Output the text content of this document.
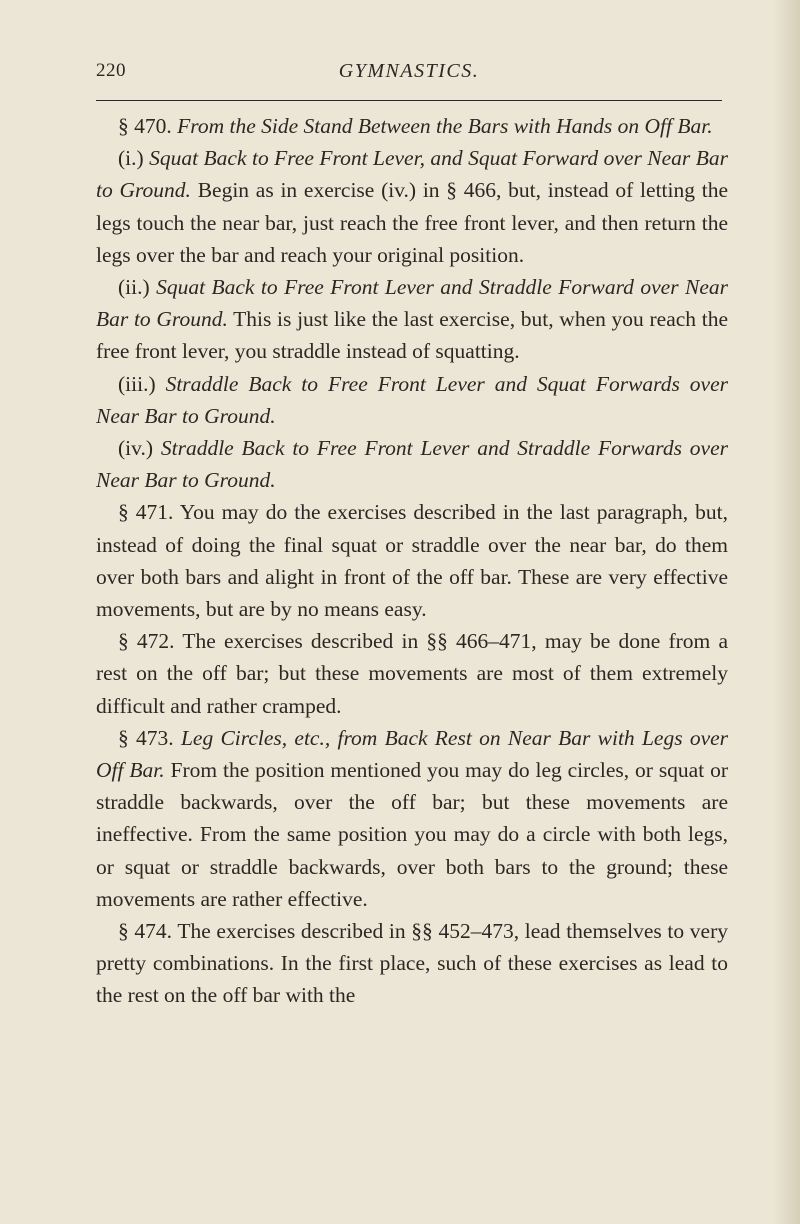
220	GYMNASTICS.

§ 470. From the Side Stand Between the Bars with Hands on Off Bar.

(i.) Squat Back to Free Front Lever, and Squat Forward over Near Bar to Ground. Begin as in exercise (iv.) in § 466, but, instead of letting the legs touch the near bar, just reach the free front lever, and then return the legs over the bar and reach your original position.

(ii.) Squat Back to Free Front Lever and Straddle Forward over Near Bar to Ground. This is just like the last exercise, but, when you reach the free front lever, you straddle instead of squatting.

(iii.) Straddle Back to Free Front Lever and Squat Forwards over Near Bar to Ground.

(iv.) Straddle Back to Free Front Lever and Straddle Forwards over Near Bar to Ground.

§ 471. You may do the exercises described in the last paragraph, but, instead of doing the final squat or straddle over the near bar, do them over both bars and alight in front of the off bar. These are very effective movements, but are by no means easy.

§ 472. The exercises described in §§ 466–471, may be done from a rest on the off bar; but these movements are most of them extremely difficult and rather cramped.

§ 473. Leg Circles, etc., from Back Rest on Near Bar with Legs over Off Bar. From the position mentioned you may do leg circles, or squat or straddle backwards, over the off bar; but these movements are ineffective. From the same position you may do a circle with both legs, or squat or straddle backwards, over both bars to the ground; these movements are rather effective.

§ 474. The exercises described in §§ 452–473, lead themselves to very pretty combinations. In the first place, such of these exercises as lead to the rest on the off bar with the
